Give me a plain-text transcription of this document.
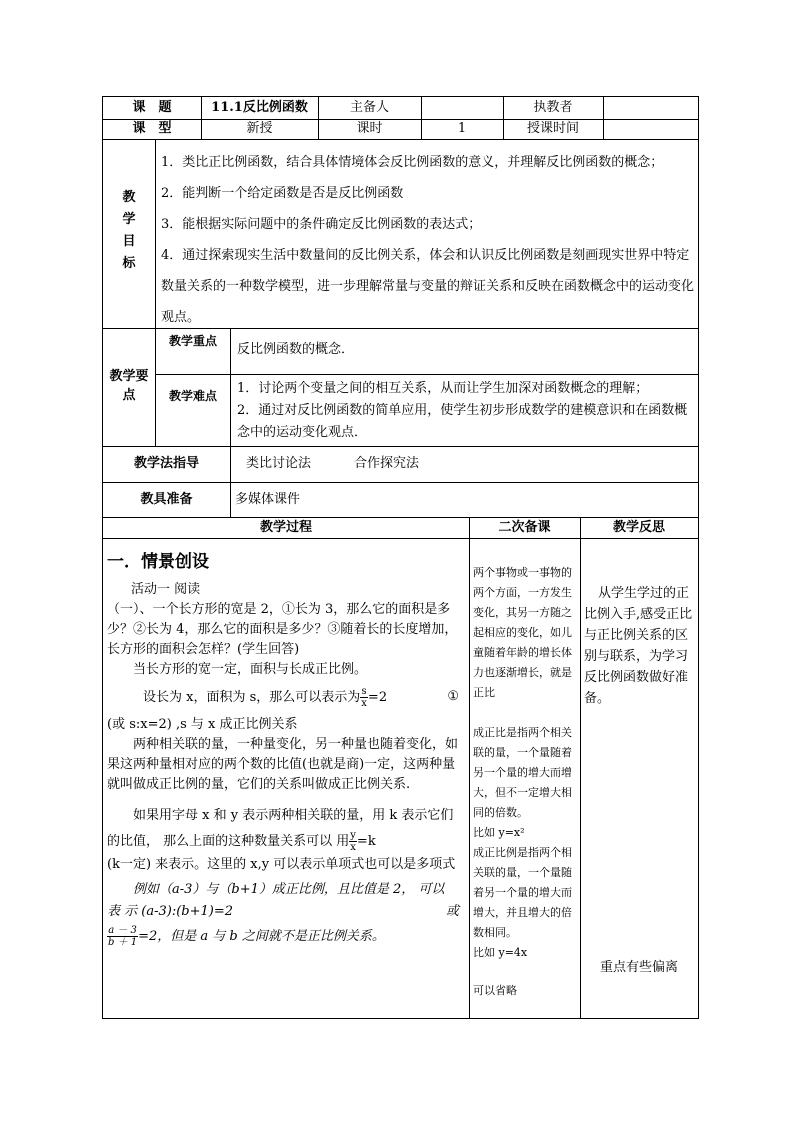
课　题	11.1反比例函数	主备人	执教者
课　型	新授	课时	1	授课时间
教
学
目
标

1．类比正比例函数，结合具体情境体会反比例函数的意义，并理解反比例函数的概念；

2．能判断一个给定函数是否是反比例函数

3．能根据实际问题中的条件确定反比例函数的表达式；

4．通过探索现实生活中数量间的反比例关系，体会和认识反比例函数是刻画现实世界中特定数量关系的一种数学模型，进一步理解常量与变量的辩证关系和反映在函数概念中的运动变化观点。

教学要点
教学重点
反比例函数的概念．
教学难点	1．讨论两个变量之间的相互关系，从而让学生加深对函数概念的理解；

2．通过对反比例函数的简单应用，使学生初步形成数学的建模意识和在函数概念中的运动变化观点．

教学法指导	类比讨论法	合作探究法
教具准备	多媒体课件
教学过程	二次备课	教学反思
一．情景创设
活动一 阅读

（一）、一个长方形的宽是 2，①长为 3，那么它的面积是多少？②长为 4，那么它的面积是多少？③随着长的长度增加，长方形的面积会怎样？(学生回答)

当长方形的宽一定，面积与长成正比例。

设长为 x，面积为 s，那么可以表示为 $\frac{s}{x} =2$	①

(或 s:x=2) ,s 与 x 成正比例关系

两种相关联的量，一种量变化，另一种量也随着变化，如果这两种量相对应的两个数的比值(也就是商)一定，这两种量就叫做成正比例的量，它们的关系叫做成正比例关系.

如果用字母 x 和 y 表示两种相关联的量，用 k 表示它们的比值， 那么上面的这种数量关系可以 用 $\frac{y}{x} =k$

(k一定) 来表示。这里的 x,y 可以表示单项式也可以是多项式

例如（a-3）与（b+1）成正比例，且比值是 2， 可以

表 示 (a-3):(b+1)=2	或
$\frac{a - 3}{b + 1} =2$，但是 a 与 b 之间就不是正比例关系。

两个事物或一事物的两个方面，一方发生变化，其另一方随之起相应的变化，如儿童随着年龄的增长体力也逐渐增长，就是正比

成正比是指两个相关联的量，一个量随着另一个量的增大而增大，但不一定增大相同的倍数。

比如 y=x²

成正比例是指两个相关联的量，一个量随着另一个量的增大而增大，并且增大的倍数相同。

比如 y=4x

可以省略

从学生学过的正比例入手,感受正比与正比例关系的区别与联系，为学习反比例函数做好准备。
重点有些偏离
